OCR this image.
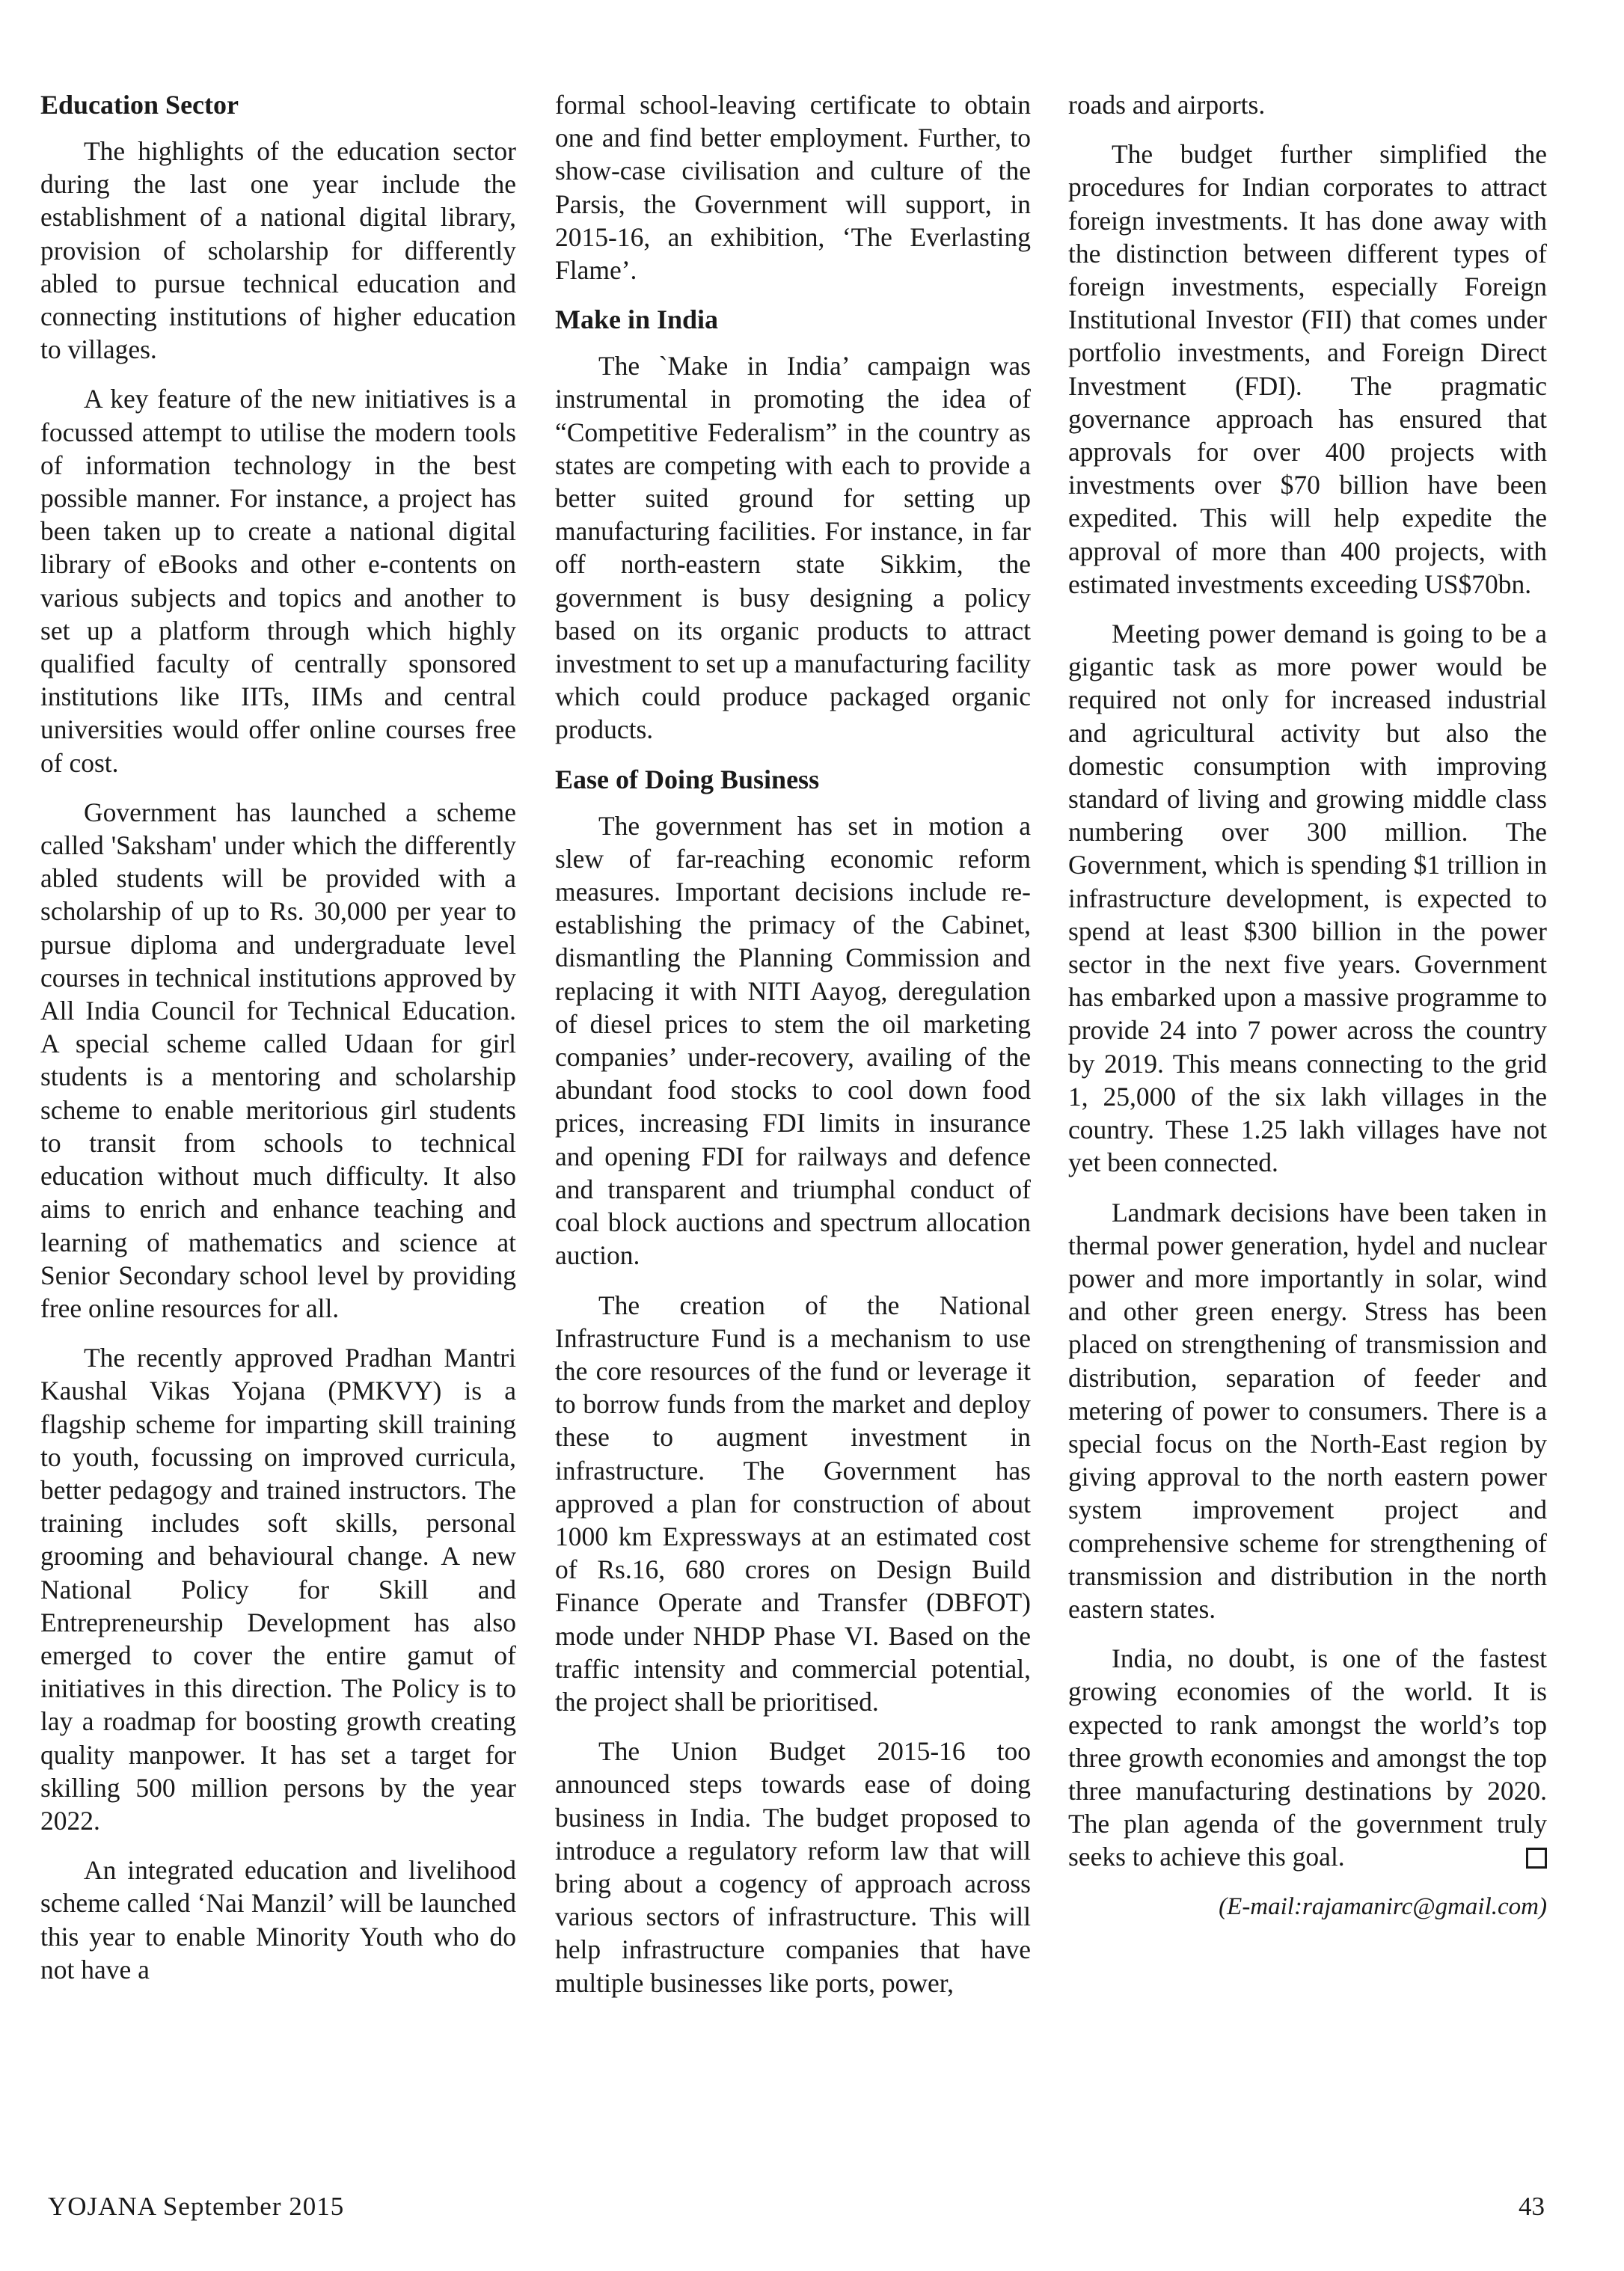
Education Sector

The highlights of the education sector during the last one year include the establishment of a national digital library, provision of scholarship for differently abled to pursue technical education and connecting institutions of higher education to villages.

A key feature of the new initiatives is a focussed attempt to utilise the modern tools of information technology in the best possible manner. For instance, a project has been taken up to create a national digital library of eBooks and other e-contents on various subjects and topics and another to set up a platform through which highly qualified faculty of centrally sponsored institutions like IITs, IIMs and central universities would offer online courses free of cost.

Government has launched a scheme called 'Saksham' under which the differently abled students will be provided with a scholarship of up to Rs. 30,000 per year to pursue diploma and undergraduate level courses in technical institutions approved by All India Council for Technical Education. A special scheme called Udaan for girl students is a mentoring and scholarship scheme to enable meritorious girl students to transit from schools to technical education without much difficulty. It also aims to enrich and enhance teaching and learning of mathematics and science at Senior Secondary school level by providing free online resources for all.

The recently approved Pradhan Mantri Kaushal Vikas Yojana (PMKVY) is a flagship scheme for imparting skill training to youth, focussing on improved curricula, better pedagogy and trained instructors. The training includes soft skills, personal grooming and behavioural change. A new National Policy for Skill and Entrepreneurship Development has also emerged to cover the entire gamut of initiatives in this direction. The Policy is to lay a roadmap for boosting growth creating quality manpower. It has set a target for skilling 500 million persons by the year 2022.

An integrated education and livelihood scheme called ‘Nai Manzil’ will be launched this year to enable Minority Youth who do not have a

formal school-leaving certificate to obtain one and find better employment. Further, to show-case civilisation and culture of the Parsis, the Government will support, in 2015-16, an exhibition, ‘The Everlasting Flame’.

Make in India

The `Make in India’ campaign was instrumental in promoting the idea of “Competitive Federalism” in the country as states are competing with each to provide a better suited ground for setting up manufacturing facilities. For instance, in far off north-eastern state Sikkim, the government is busy designing a policy based on its organic products to attract investment to set up a manufacturing facility which could produce packaged organic products.

Ease of Doing Business

The government has set in motion a slew of far-reaching economic reform measures. Important decisions include re-establishing the primacy of the Cabinet, dismantling the Planning Commission and replacing it with NITI Aayog, deregulation of diesel prices to stem the oil marketing companies’ under-recovery, availing of the abundant food stocks to cool down food prices, increasing FDI limits in insurance and opening FDI for railways and defence and transparent and triumphal conduct of coal block auctions and spectrum allocation auction.

The creation of the National Infrastructure Fund is a mechanism to use the core resources of the fund or leverage it to borrow funds from the market and deploy these to augment investment in infrastructure. The Government has approved a plan for construction of about 1000 km Expressways at an estimated cost of Rs.16, 680 crores on Design Build Finance Operate and Transfer (DBFOT) mode under NHDP Phase VI. Based on the traffic intensity and commercial potential, the project shall be prioritised.

The Union Budget 2015-16 too announced steps towards ease of doing business in India. The budget proposed to introduce a regulatory reform law that will bring about a cogency of approach across various sectors of infrastructure. This will help infrastructure companies that have multiple businesses like ports, power,

roads and airports.

The budget further simplified the procedures for Indian corporates to attract foreign investments. It has done away with the distinction between different types of foreign investments, especially Foreign Institutional Investor (FII) that comes under portfolio investments, and Foreign Direct Investment (FDI). The pragmatic governance approach has ensured that approvals for over 400 projects with investments over $70 billion have been expedited. This will help expedite the approval of more than 400 projects, with estimated investments exceeding US$70bn.

Meeting power demand is going to be a gigantic task as more power would be required not only for increased industrial and agricultural activity but also the domestic consumption with improving standard of living and growing middle class numbering over 300 million. The Government, which is spending $1 trillion in infrastructure development, is expected to spend at least $300 billion in the power sector in the next five years. Government has embarked upon a massive programme to provide 24 into 7 power across the country by 2019. This means connecting to the grid 1, 25,000 of the six lakh villages in the country. These 1.25 lakh villages have not yet been connected.

Landmark decisions have been taken in thermal power generation, hydel and nuclear power and more importantly in solar, wind and other green energy. Stress has been placed on strengthening of transmission and distribution, separation of feeder and metering of power to consumers. There is a special focus on the North-East region by giving approval to the north eastern power system improvement project and comprehensive scheme for strengthening of transmission and distribution in the north eastern states.

India, no doubt, is one of the fastest growing economies of the world. It is expected to rank amongst the world’s top three growth economies and amongst the top three manufacturing destinations by 2020. The plan agenda of the government truly seeks to achieve this goal.

(E-mail:rajamanirc@gmail.com)

YOJANA September 2015	43
